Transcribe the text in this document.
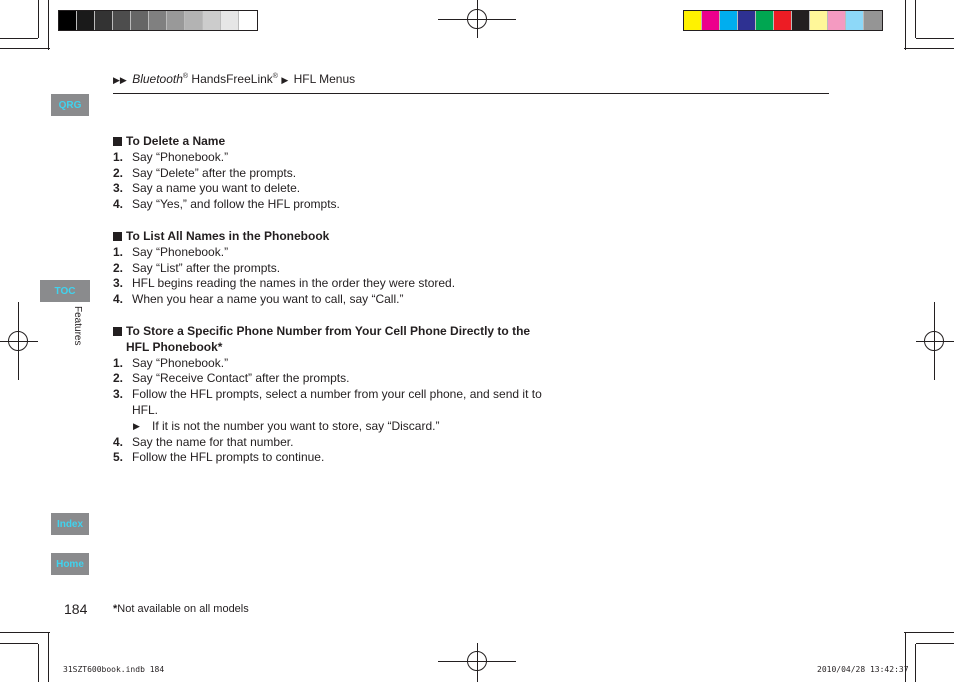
QRG
TOC
Features
Index
Home
▶▶ Bluetooth® HandsFreeLink® ▶ HFL Menus
To Delete a Name
1. Say “Phonebook.”
2. Say “Delete” after the prompts.
3. Say a name you want to delete.
4. Say “Yes,” and follow the HFL prompts.
To List All Names in the Phonebook
1. Say “Phonebook.”
2. Say “List” after the prompts.
3. HFL begins reading the names in the order they were stored.
4. When you hear a name you want to call, say “Call.”
To Store a Specific Phone Number from Your Cell Phone Directly to the HFL Phonebook*
1. Say “Phonebook.”
2. Say “Receive Contact” after the prompts.
3. Follow the HFL prompts, select a number from your cell phone, and send it to HFL.
▶	If it is not the number you want to store, say “Discard.”
4. Say the name for that number.
5. Follow the HFL prompts to continue.
184 *Not available on all models
31SZT600book.indb 184	2010/04/28 13:42:37
